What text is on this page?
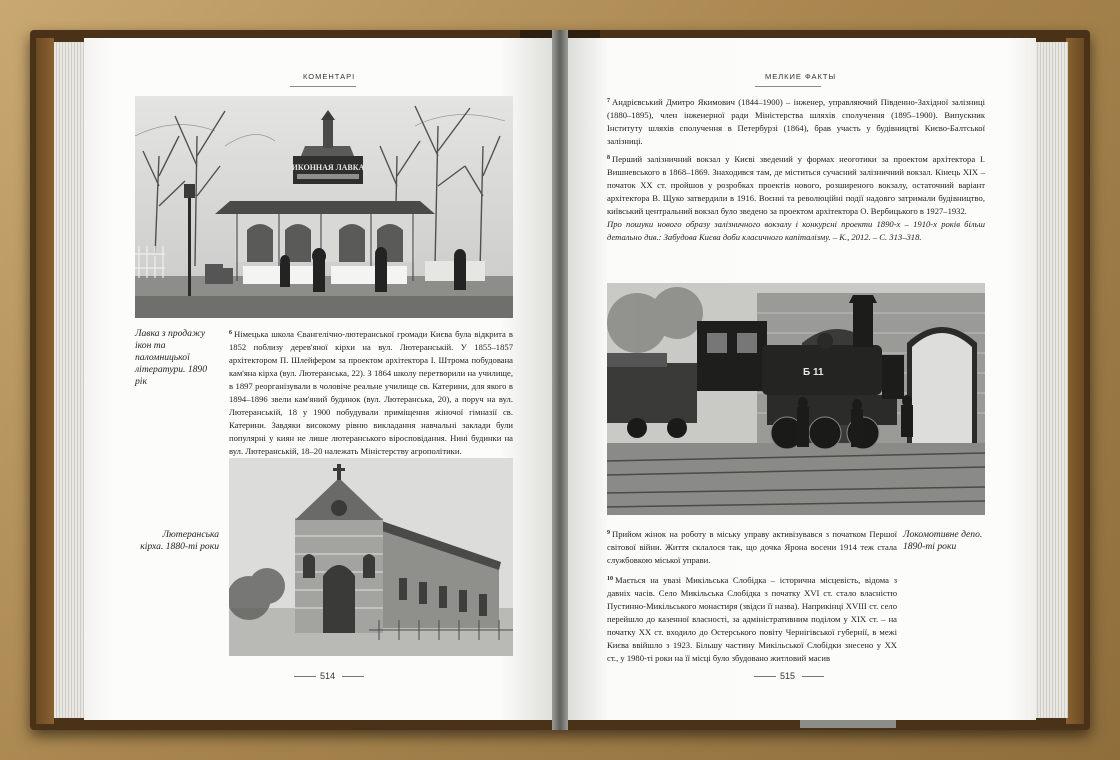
КОМЕНТАРІ
ИКОННАЯ ЛАВКА
Лавка з продажу ікон та паломницької літератури. 1890 рік

$^6$ Німецька школа Євангелічно-лютеранської громади Києва була відкрита в 1852 поблизу дерев'яної кірхи на вул. Лютеранській. У 1855–1857 архітектором П. Шлейфером за проектом архітектора І. Штрома побудована кам'яна кірха (вул. Лютеранська, 22). З 1864 школу перетворили на училище, в 1897 реорганізували в чоловіче реальне училище св. Катерини, для якого в 1894–1896 звели кам'яний будинок (вул. Лютеранська, 20), а поруч на вул. Лютеранській, 18 у 1900 побудували приміщення жіночої гімназії св. Катерини. Завдяки високому рівню викладання навчальні заклади були популярні у киян не лише лютеранського віросповідання. Нині будинки на вул. Лютеранській, 18–20 належать Міністерству агрополітики.

Лютеранська кірха. 1880-ті роки
514
МЕЛКИЕ ФАКТЫ

$^7$ Андрієвський Дмитро Якимович (1844–1900) – інженер, управляючий Південно-Західної залізниці (1880–1895), член інженерної ради Міністерства шляхів сполучення (1895–1900). Випускник Інституту шляхів сполучення в Петербурзі (1864), брав участь у будівництві Києво-Балтської залізниці.

$^8$ Перший залізничний вокзал у Києві зведений у формах неоготики за проектом архітектора І. Вишневського в 1868–1869. Знаходився там, де міститься сучасний залізничний вокзал. Кінець XIX – початок XX ст. пройшов у розробках проектів нового, розширеного вокзалу, остаточний варіант архітектора В. Щуко затвердили в 1916. Воєнні та революційні події надовго затримали будівництво, київський центральний вокзал було зведено за проектом архітектора О. Вербицького в 1927–1932.

Про пошуки нового образу залізничного вокзалу і конкурсні проекти 1890-х – 1910-х років більш детально див.: Забудова Києва доби класичного капіталізму. – К., 2012. – С. 313–318.

Б 11
Локомотивне депо. 1890-ті роки

$^9$ Прийом жінок на роботу в міську управу активізувався з початком Першої світової війни. Життя склалося так, що дочка Ярона восени 1914 теж стала службовкою міської управи.

$^{10}$ Мається на увазі Микільська Слобідка – історична місцевість, відома з давніх часів. Село Микільська Слобідка з початку XVI ст. стало власністю Пустинно-Микільського монастиря (звідси її назва). Наприкінці XVIII ст. село перейшло до казенної власності, за адміністративним поділом у XIX ст. – на початку XX ст. входило до Остерського повіту Чернігівської губернії, в межі Києва ввійшло з 1923. Більшу частину Микільської Слобідки знесено у XX ст., у 1980-ті роки на її місці було збудовано житловий масив

515
